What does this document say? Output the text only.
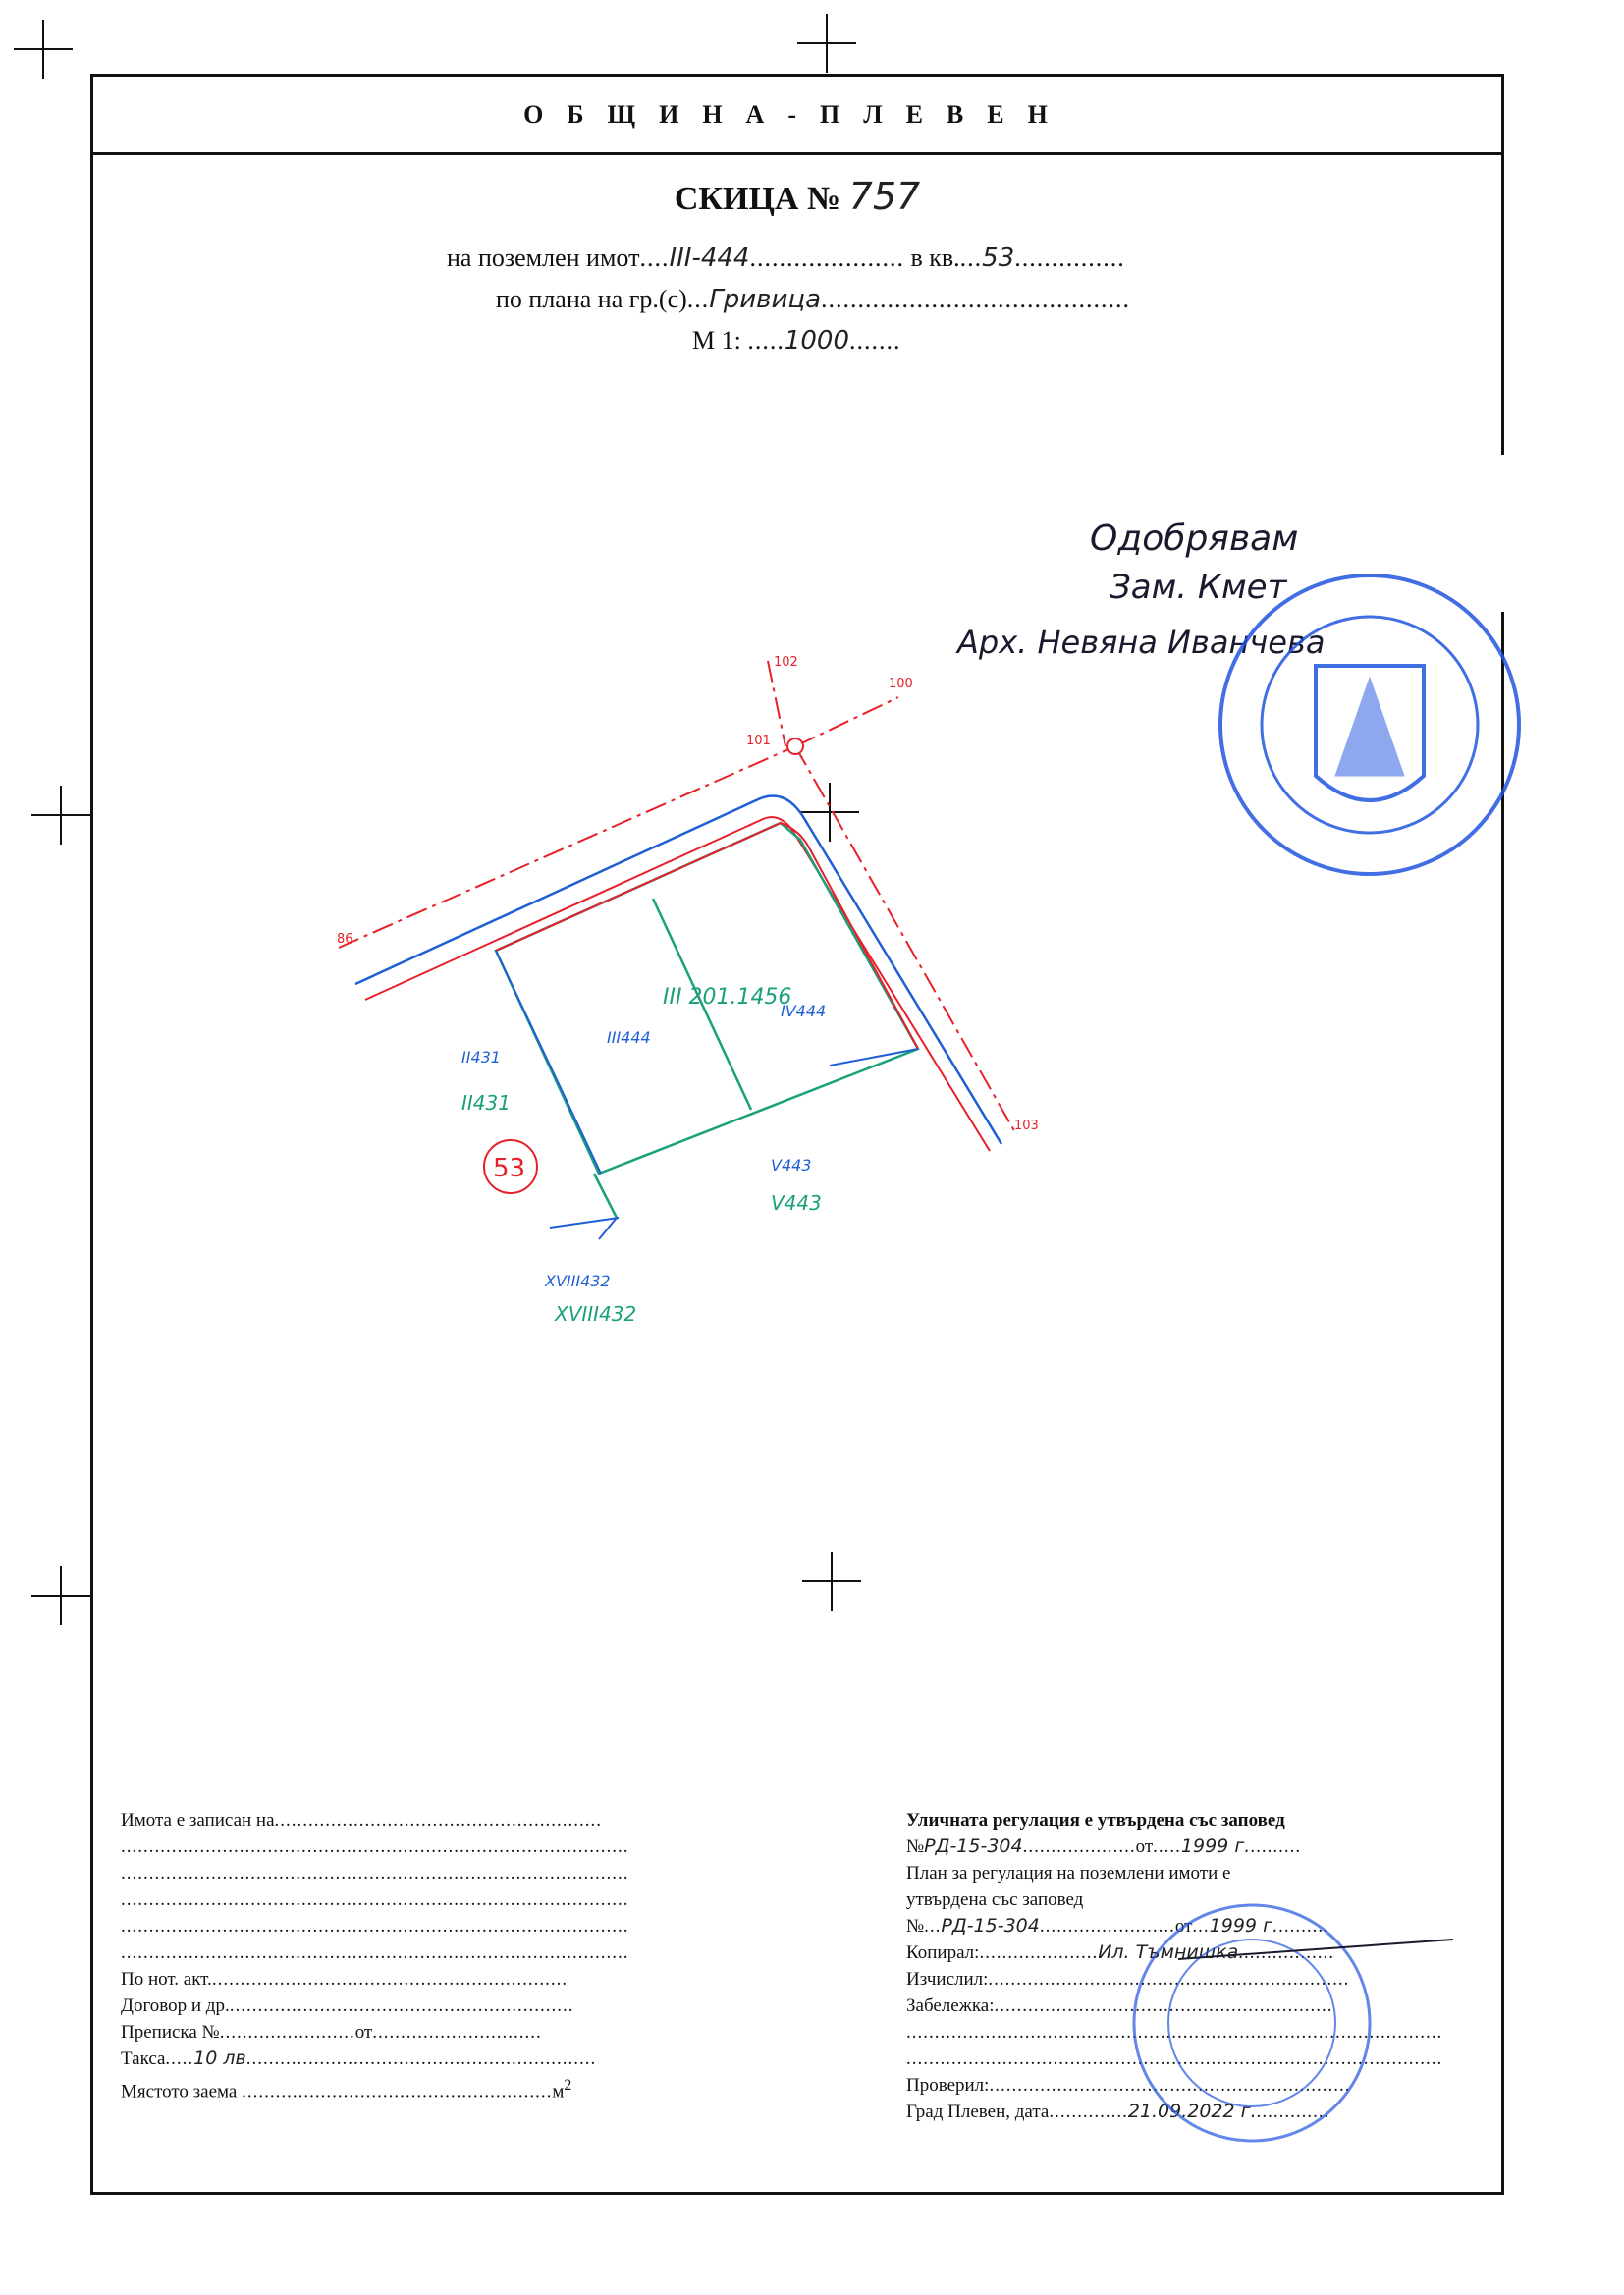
ОБЩИНА-ПЛЕВЕН
СКИЦА № 757
на поземлен имот....III-444..................... в кв....53...............
по плана на гр.(с)...Гривица..........................................
М 1: .....1000.......
Имота е записан на..........................................................
..........................................................................................
..........................................................................................
..........................................................................................
..........................................................................................
..........................................................................................
По нот. акт................................................................
Договор и др..............................................................
Преписка №........................от..............................
Такса.....10 лв..............................................................
Мястото заема $.......................................................м^2$
Уличната регулация е утвърдена със заповед
№РД-15-304....................от.....1999 г..........
План за регулация на поземлени имоти е
утвърдена със заповед
№...РД-15-304........................от...1999 г..........
Копирал:.....................Ил. Тъмнишка.................
Изчислил:................................................................
Забележка:............................................................
...............................................................................................
...............................................................................................
Проверил:................................................................
Град Плевен, дата..............21.09.2022 г..............
Одобрявам
Зам. Кмет
Арх. Невяна Иванчева
102
100
101
86
103
III 201.1456
IV444
III444
II431
II431
V443
V443
XVIII432
XVIII432
53
